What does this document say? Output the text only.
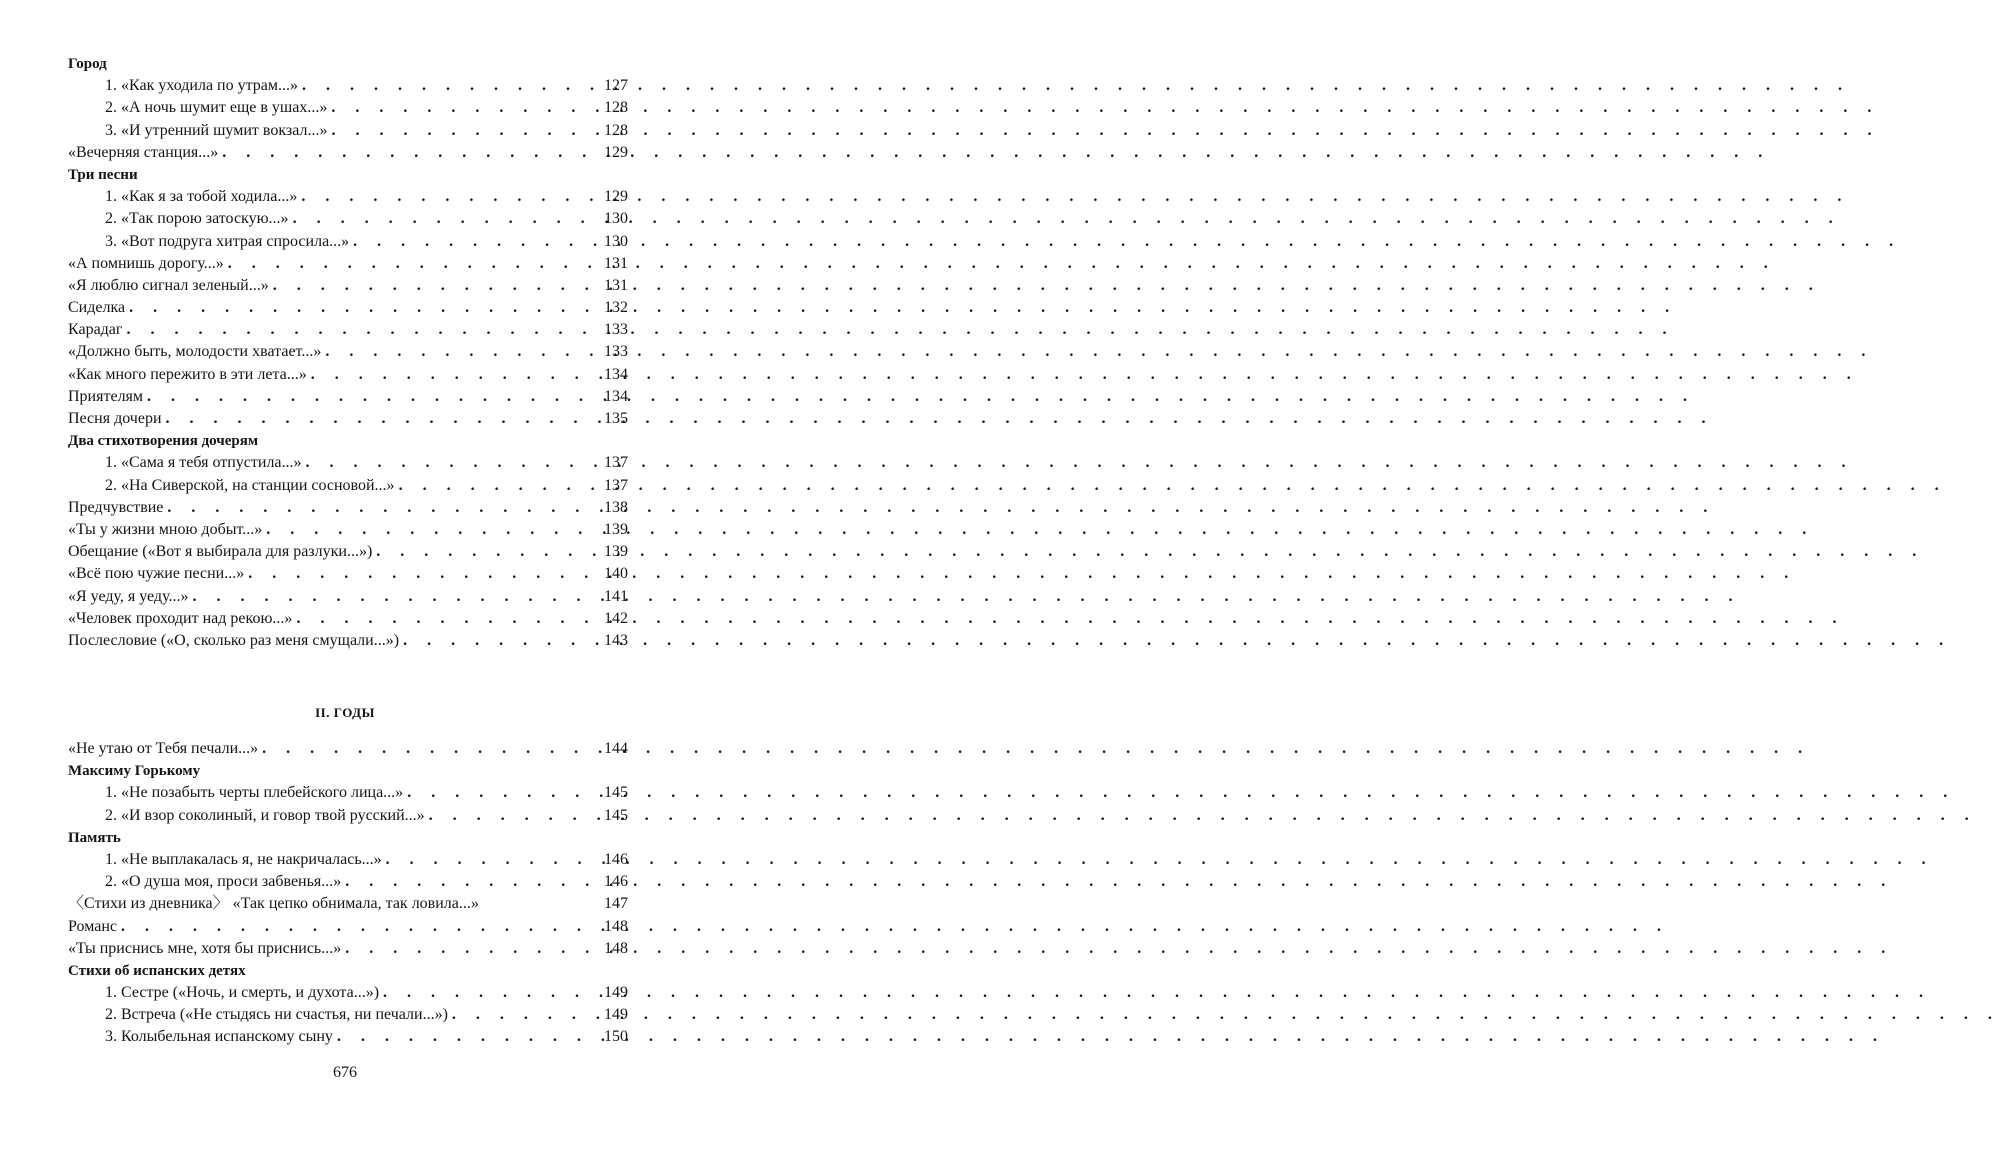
Город
1. «Как уходила по утрам...» . . .	127
2. «А ночь шумит еще в ушах...» . . .	128
3. «И утренний шумит вокзал...» . . .	128
«Вечерняя станция...» . . .	129
Три песни
1. «Как я за тобой ходила...» . . .	129
2. «Так порою затоскую...» . . .	130
3. «Вот подруга хитрая спросила...» . . .	130
«А помнишь дорогу...» . . .	131
«Я люблю сигнал зеленый...» . . .	131
Сиделка . . .	132
Карадаг . . .	133
«Должно быть, молодости хватает...» . . .	133
«Как много пережито в эти лета...» . . .	134
Приятелям . . .	134
Песня дочери . . .	135
Два стихотворения дочерям
1. «Сама я тебя отпустила...» . . .	137
2. «На Сиверской, на станции сосновой...» . . .	137
Предчувствие . . .	138
«Ты у жизни мною добыт...» . . .	139
Обещание («Вот я выбирала для разлуки...») . . .	139
«Всё пою чужие песни...» . . .	140
«Я уеду, я уеду...» . . .	141
«Человек проходит над рекою...» . . .	142
Послесловие («О, сколько раз меня смущали...») . . .	143
II. ГОДЫ
«Не утаю от Тебя печали...» . . .	144
Максиму Горькому
1. «Не позабыть черты плебейского лица...» . . .	145
2. «И взор соколиный, и говор твой русский...» . . .	145
Память
1. «Не выплакалась я, не накричалась...» . . .	146
2. «О душа моя, проси забвенья...» . . .	146
〈Стихи из дневника〉 «Так цепко обнимала, так ловила...»	147
Романс . . .	148
«Ты приснись мне, хотя бы приснись...» . . .	148
Стихи об испанских детях
1. Сестре («Ночь, и смерть, и духота...») . . .	149
2. Встреча («Не стыдясь ни счастья, ни печали...») . . .	149
3. Колыбельная испанскому сыну . . .	150
676
